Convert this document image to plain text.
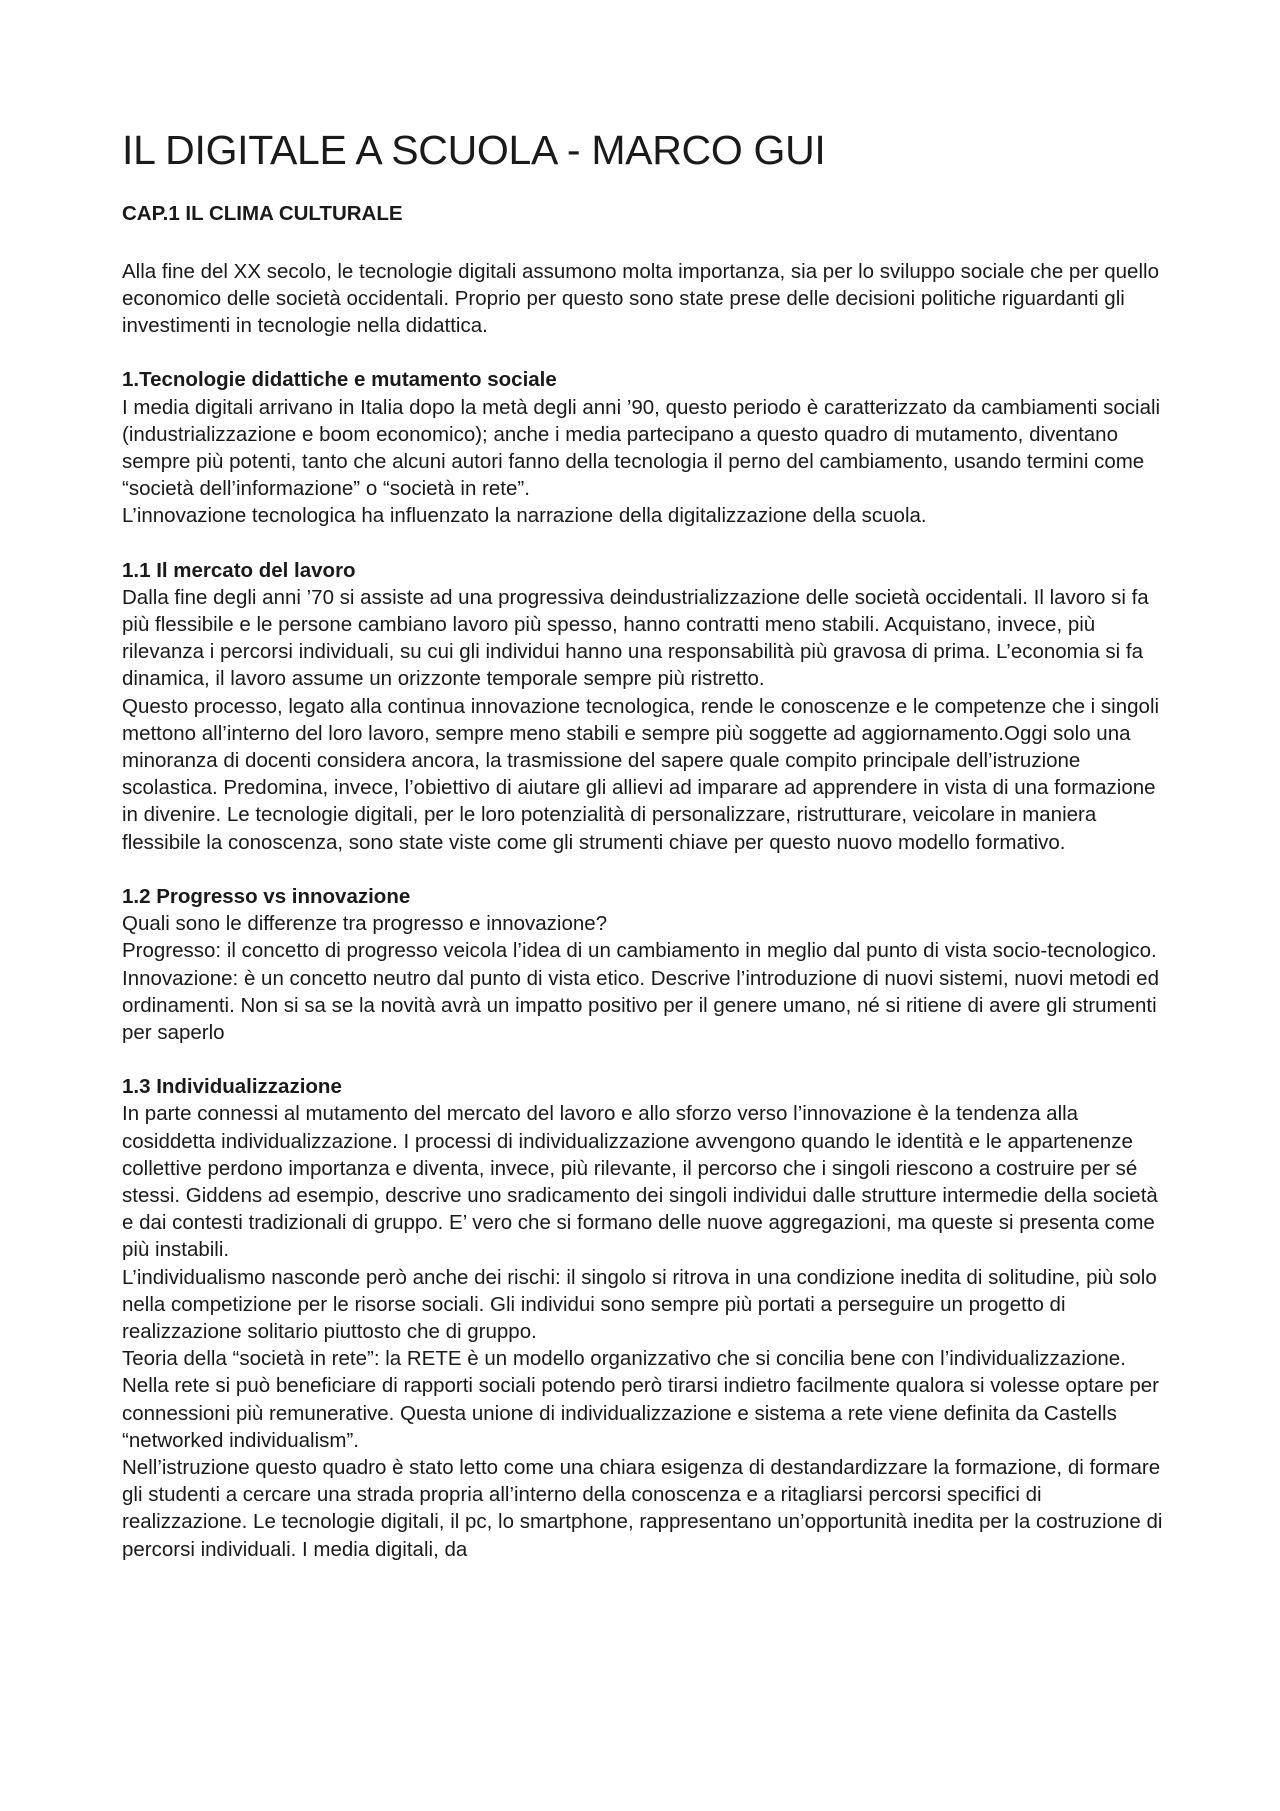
IL DIGITALE A SCUOLA - MARCO GUI
CAP.1 IL CLIMA CULTURALE

Alla fine del XX secolo, le tecnologie digitali assumono molta importanza, sia per lo sviluppo sociale che per quello economico delle società occidentali. Proprio per questo sono state prese delle decisioni politiche riguardanti gli investimenti in tecnologie nella didattica.

1.Tecnologie didattiche e mutamento sociale

I media digitali arrivano in Italia dopo la metà degli anni ’90, questo periodo è caratterizzato da cambiamenti sociali (industrializzazione e boom economico); anche i media partecipano a questo quadro di mutamento, diventano sempre più potenti, tanto che alcuni autori fanno della tecnologia il perno del cambiamento, usando termini come “società dell’informazione” o “società in rete”.

L’innovazione tecnologica ha influenzato la narrazione della digitalizzazione della scuola.

1.1 Il mercato del lavoro

Dalla fine degli anni ’70 si assiste ad una progressiva deindustrializzazione delle società occidentali. Il lavoro si fa più flessibile e le persone cambiano lavoro più spesso, hanno contratti meno stabili. Acquistano, invece, più rilevanza i percorsi individuali, su cui gli individui hanno una responsabilità più gravosa di prima. L’economia si fa dinamica, il lavoro assume un orizzonte temporale sempre più ristretto.

Questo processo, legato alla continua innovazione tecnologica, rende le conoscenze e le competenze che i singoli mettono all’interno del loro lavoro, sempre meno stabili e sempre più soggette ad aggiornamento.Oggi solo una minoranza di docenti considera ancora, la trasmissione del sapere quale compito principale dell’istruzione scolastica. Predomina, invece, l’obiettivo di aiutare gli allievi ad imparare ad apprendere in vista di una formazione in divenire. Le tecnologie digitali, per le loro potenzialità di personalizzare, ristrutturare, veicolare in maniera flessibile la conoscenza, sono state viste come gli strumenti chiave per questo nuovo modello formativo.

1.2 Progresso vs innovazione

Quali sono le differenze tra progresso e innovazione?

Progresso: il concetto di progresso veicola l’idea di un cambiamento in meglio dal punto di vista socio-tecnologico.

Innovazione: è un concetto neutro dal punto di vista etico. Descrive l’introduzione di nuovi sistemi, nuovi metodi ed ordinamenti. Non si sa se la novità avrà un impatto positivo per il genere umano, né si ritiene di avere gli strumenti per saperlo

1.3 Individualizzazione

In parte connessi al mutamento del mercato del lavoro e allo sforzo verso l’innovazione è la tendenza alla cosiddetta individualizzazione. I processi di individualizzazione avvengono quando le identità e le appartenenze collettive perdono importanza e diventa, invece, più rilevante, il percorso che i singoli riescono a costruire per sé stessi. Giddens ad esempio, descrive uno sradicamento dei singoli individui dalle strutture intermedie della società e dai contesti tradizionali di gruppo. E’ vero che si formano delle nuove aggregazioni, ma queste si presenta come più instabili.

L’individualismo nasconde però anche dei rischi: il singolo si ritrova in una condizione inedita di solitudine, più solo nella competizione per le risorse sociali. Gli individui sono sempre più portati a perseguire un progetto di realizzazione solitario piuttosto che di gruppo.

Teoria della “società in rete”: la RETE è un modello organizzativo che si concilia bene con l’individualizzazione. Nella rete si può beneficiare di rapporti sociali potendo però tirarsi indietro facilmente qualora si volesse optare per connessioni più remunerative. Questa unione di individualizzazione e sistema a rete viene definita da Castells “networked individualism”.

Nell’istruzione questo quadro è stato letto come una chiara esigenza di destandardizzare la formazione, di formare gli studenti a cercare una strada propria all’interno della conoscenza e a ritagliarsi percorsi specifici di realizzazione. Le tecnologie digitali, il pc, lo smartphone, rappresentano un’opportunità inedita per la costruzione di percorsi individuali. I media digitali, da
